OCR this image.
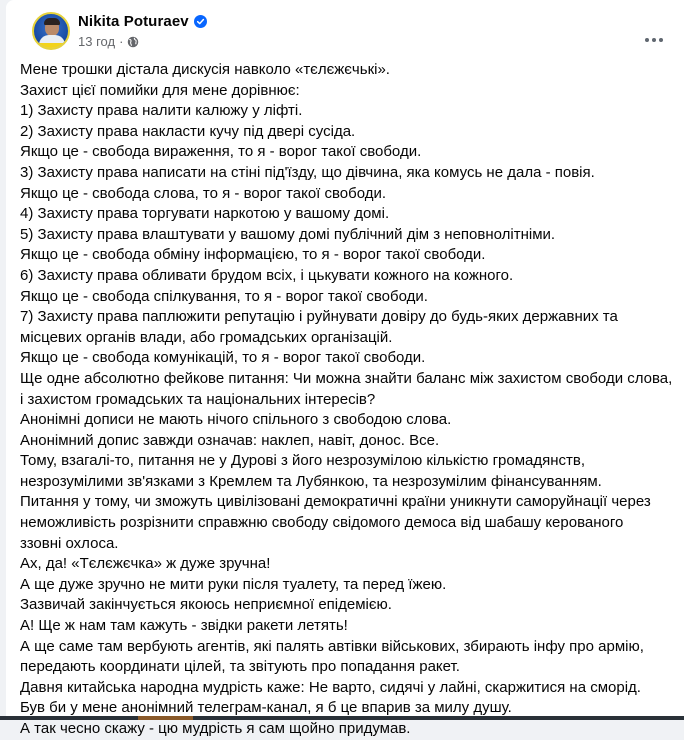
Nikita Poturaev
13 год ·
Мене трошки дістала дискусія навколо «тєлєжєчькі».
Захист цієї помийки для мене дорівнює:
1) Захисту права налити калюжу у ліфті.
2) Захисту права накласти кучу під двері сусіда.
Якщо це - свобода вираження, то я - ворог такої свободи.
3) Захисту права написати на стіні під'їзду, що дівчина, яка комусь не дала - повія.
Якщо це - свобода слова, то я - ворог такої свободи.
4) Захисту права торгувати наркотою у вашому домі.
5) Захисту права влаштувати у вашому домі публічний дім з неповнолітніми.
Якщо це - свобода обміну інформацією, то я - ворог такої свободи.
6) Захисту права обливати брудом всіх, і цькувати кожного на кожного.
Якщо це - свобода спілкування, то я - ворог такої свободи.
7) Захисту права паплюжити репутацію і руйнувати довіру до будь-яких державних та
місцевих органів влади, або громадських організацій.
Якщо це - свобода комунікацій, то я - ворог такої свободи.
Ще одне абсолютно фейкове питання: Чи можна знайти баланс між захистом свободи слова,
і захистом громадських та національних інтересів?
Анонімні дописи не мають нічого спільного з свободою слова.
Анонімний допис завжди означав: наклеп, навіт, донос. Все.
Тому, взагалі-то, питання не у Дурові з його незрозумілою кількістю громадянств,
незрозумілими зв'язками з Кремлем та Лубянкою, та незрозумілим фінансуванням.
Питання у тому, чи зможуть цивілізовані демократичні країни уникнути саморуйнації через
неможливість розрізнити справжню свободу свідомого демоса від шабашу керованого
ззовні охлоса.
Ах, да! «Тєлєжєчка» ж дуже зручна!
А ще дуже зручно не мити руки після туалету, та перед їжею.
Зазвичай закінчується якоюсь неприємної епідемією.
А! Ще ж нам там кажуть - звідки ракети летять!
А ще саме там вербують агентів, які палять автівки військових, збирають інфу про армію,
передають координати цілей, та звітують про попадання ракет.
Давня китайська народна мудрість каже: Не варто, сидячі у лайні, скаржитися на сморід.
Був би у мене анонімний телеграм-канал, я б це впарив за милу душу.
А так чесно скажу - цю мудрість я сам щойно придумав.
